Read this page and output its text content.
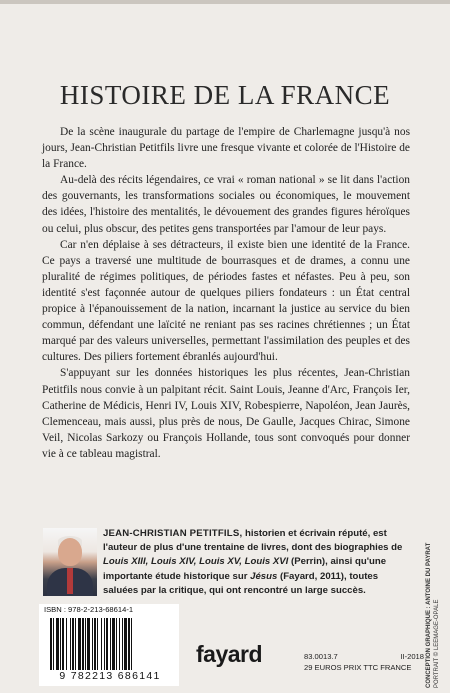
HISTOIRE DE LA FRANCE

De la scène inaugurale du partage de l'empire de Charlemagne jusqu'à nos jours, Jean-Christian Petitfils livre une fresque vivante et colorée de l'Histoire de la France.

Au-delà des récits légendaires, ce vrai « roman national » se lit dans l'action des gouvernants, les transformations sociales ou économiques, le mouvement des idées, l'histoire des mentalités, le dévouement des grandes figures héroïques ou celui, plus obscur, des petites gens transportées par l'amour de leur pays.

Car n'en déplaise à ses détracteurs, il existe bien une identité de la France. Ce pays a traversé une multitude de bourrasques et de drames, a connu une pluralité de régimes politiques, de périodes fastes et néfastes. Peu à peu, son identité s'est façonnée autour de quelques piliers fondateurs : un État central propice à l'épanouissement de la nation, incarnant la justice au service du bien commun, défendant une laïcité ne reniant pas ses racines chrétiennes ; un État marqué par des valeurs universelles, permettant l'assimilation des peuples et des cultures. Des piliers fortement ébranlés aujourd'hui.

S'appuyant sur les données historiques les plus récentes, Jean-Christian Petitfils nous convie à un palpitant récit. Saint Louis, Jeanne d'Arc, François Ier, Catherine de Médicis, Henri IV, Louis XIV, Robespierre, Napoléon, Jean Jaurès, Clemenceau, mais aussi, plus près de nous, De Gaulle, Jacques Chirac, Simone Veil, Nicolas Sarkozy ou François Hollande, tous sont convoqués pour donner vie à ce tableau magistral.

JEAN-CHRISTIAN PETITFILS, historien et écrivain réputé, est l'auteur de plus d'une trentaine de livres, dont des biographies de Louis XIII, Louis XIV, Louis XV, Louis XVI (Perrin), ainsi qu'une importante étude historique sur Jésus (Fayard, 2011), toutes saluées par la critique, qui ont rencontré un large succès.
ISBN : 978-2-213-68614-1
9 782213 686141
fayard	83.0013.7	II-2018
29 EUROS PRIX TTC FRANCE	CONCEPTION GRAPHIQUE : ANTOINE DU PAYRAT PORTRAIT © LEEMAGE-OPALE
